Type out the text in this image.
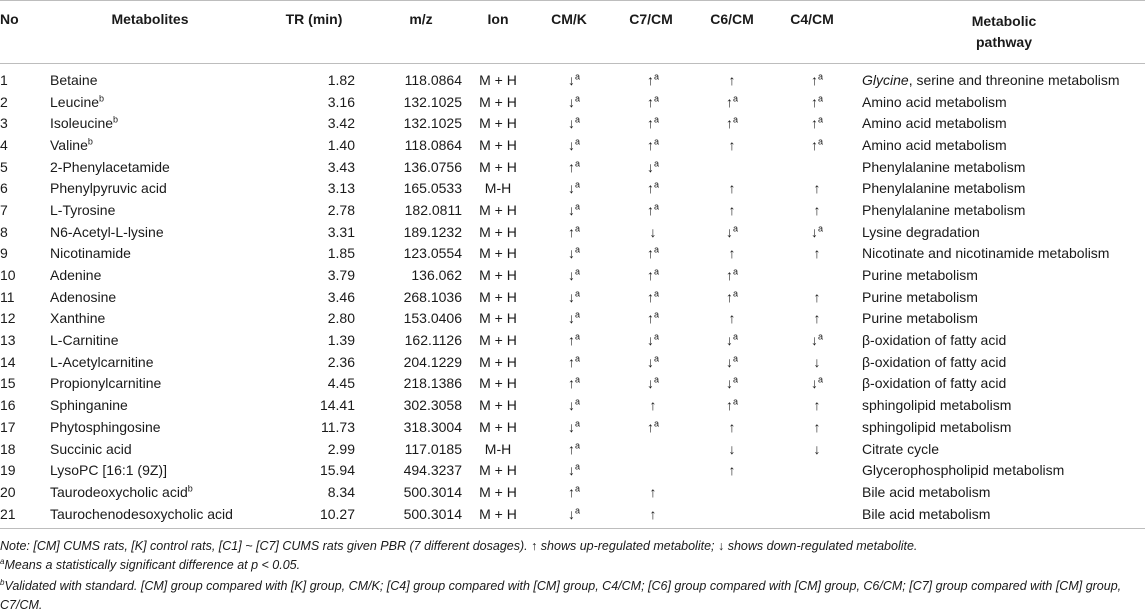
No	Metabolites	TR (min)	m/z	Ion	CM/K	C7/CM	C6/CM	C4/CM	Metabolic
pathway
1	Betaine	1.82	118.0864	M + H	↓$^a$	↑$^a$	↑	↑$^a$	Glycine, serine and threonine metabolism
2	Leucine$^b$	3.16	132.1025	M + H	↓$^a$	↑$^a$	↑$^a$	↑$^a$	Amino acid metabolism
3	Isoleucine$^b$	3.42	132.1025	M + H	↓$^a$	↑$^a$	↑$^a$	↑$^a$	Amino acid metabolism
4	Valine$^b$	1.40	118.0864	M + H	↓$^a$	↑$^a$	↑	↑$^a$	Amino acid metabolism
5	2-Phenylacetamide	3.43	136.0756	M + H	↑$^a$	↓$^a$			Phenylalanine metabolism
6	Phenylpyruvic acid	3.13	165.0533	M-H	↓$^a$	↑$^a$	↑	↑	Phenylalanine metabolism
7	L-Tyrosine	2.78	182.0811	M + H	↓$^a$	↑$^a$	↑	↑	Phenylalanine metabolism
8	N6-Acetyl-L-lysine	3.31	189.1232	M + H	↑$^a$	↓	↓$^a$	↓$^a$	Lysine degradation
9	Nicotinamide	1.85	123.0554	M + H	↓$^a$	↑$^a$	↑	↑	Nicotinate and nicotinamide metabolism
10	Adenine	3.79	136.062	M + H	↓$^a$	↑$^a$	↑$^a$		Purine metabolism
11	Adenosine	3.46	268.1036	M + H	↓$^a$	↑$^a$	↑$^a$	↑	Purine metabolism
12	Xanthine	2.80	153.0406	M + H	↓$^a$	↑$^a$	↑	↑	Purine metabolism
13	L-Carnitine	1.39	162.1126	M + H	↑$^a$	↓$^a$	↓$^a$	↓$^a$	β-oxidation of fatty acid
14	L-Acetylcarnitine	2.36	204.1229	M + H	↑$^a$	↓$^a$	↓$^a$	↓	β-oxidation of fatty acid
15	Propionylcarnitine	4.45	218.1386	M + H	↑$^a$	↓$^a$	↓$^a$	↓$^a$	β-oxidation of fatty acid
16	Sphinganine	14.41	302.3058	M + H	↓$^a$	↑	↑$^a$	↑	sphingolipid metabolism
17	Phytosphingosine	11.73	318.3004	M + H	↓$^a$	↑$^a$	↑	↑	sphingolipid metabolism
18	Succinic acid	2.99	117.0185	M-H	↑$^a$		↓	↓	Citrate cycle
19	LysoPC [16:1 (9Z)]	15.94	494.3237	M + H	↓$^a$		↑		Glycerophospholipid metabolism
20	Taurodeoxycholic acid$^b$	8.34	500.3014	M + H	↑$^a$	↑			Bile acid metabolism
21	Taurochenodesoxycholic acid	10.27	500.3014	M + H	↓$^a$	↑			Bile acid metabolism
Note: [CM] CUMS rats, [K] control rats, [C1] ~ [C7] CUMS rats given PBR (7 different dosages). ↑ shows up-regulated metabolite; ↓ shows down-regulated metabolite.
$^a$Means a statistically significant difference at p < 0.05.
$^b$Validated with standard. [CM] group compared with [K] group, CM/K; [C4] group compared with [CM] group, C4/CM; [C6] group compared with [CM] group, C6/CM; [C7] group compared with [CM] group, C7/CM.
